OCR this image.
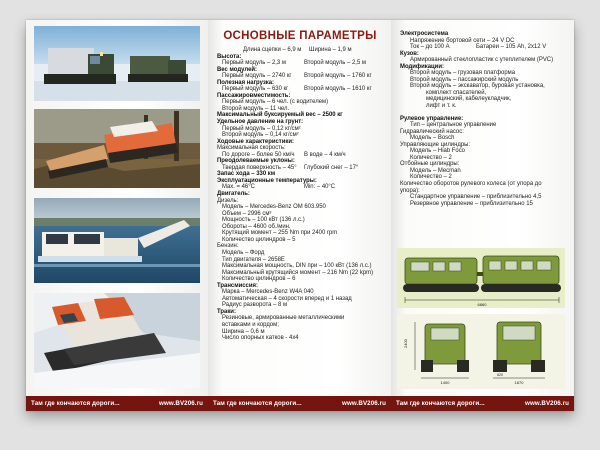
Там где кончаются дороги...	www.BV206.ru
ОСНОВНЫЕ ПАРАМЕТРЫ
Длина сцепки – 6,9 м Ширина – 1,9 м
Высота:
Первый модуль – 2,3 м	Второй модуль – 2,5 м
Вес модулей:
Первый модуль – 2740 кг Второй модуль – 1760 кг
Полезная нагрузка:
Первый модуль – 630 кг	Второй модуль – 1610 кг
Пассажировместимость:
Первый модуль – 6 чел. (с водителем)
Второй модуль – 11 чел.
Максимальный буксируемый вес – 2500 кг
Удельное давление на грунт:
Первый модуль – 0,12 кг/см²
Второй модуль – 0,14 кг/см²
Ходовые характеристики:
Максимальная скорость:
По дороге – более 50 км/ч В воде – 4 км/ч
Преодолеваемые уклоны:
Твердая поверхность – 45° Глубокий снег – 17°
Запас хода – 330 км
Эксплуатационные температуры:
Max. = 46°C	Min: – 40°C
Двигатель:
Дизель:
Модель – Mercedes-Benz OM 603.950
Объем – 2996 см³
Мощность – 100 кВт (136 л.с.)
Обороты – 4600 об./мин.
Крутящий момент – 255 Nm при 2400 rpm
Количество цилиндров – 5
Бензин:
Модель – Форд
Тип двигателя – 2658E
Максимальная мощность, DIN при – 100 кВт (136 л.с.)
Максимальный крутящийся момент – 216 Nm (22 kpm)
Количество цилиндров – 6
Трансмиссия:
Марка – Mercedes-Benz W4A 040
Автоматическая – 4 скорости вперед и 1 назад
Радиус разворота – 8 м
Траки:
Резиновые, армированные металлическими
вставками и кордом;
Ширина – 0,6 м
Число опорных катков - 4x4
Там где кончаются дороги...	www.BV206.ru
Электросистема
Напряжение бортовой сети – 24 V DC
Ток – до 100 A	Батареи – 105 Ah, 2x12 V
Кузов:
Армированный стеклопластик с утеплителем (PVC)
Модификации:
Второй модуль – грузовая платформа
Второй модуль – пассажирский модуль
Второй модуль – экскаватор, буровая установка,
комплект спасателей,
медицинский, кабелеукладчик,
лифт и т. к.
Рулевое управление:
Тип – центральное управление
Гидравлический насос:
Модель – Bosch
Управляющие цилиндры:
Модель – Hiab Foco
Количество – 2
Отбойные цилиндры:
Модель – Mecman
Количество – 2
Количество оборотов рулевого колеса (от упора до
упора):
Стандартное управление – приблизительно 4,5
Резервное управление – приблизительно 15
6860
2400
1400	1870
620
Там где кончаются дороги...	www.BV206.ru
